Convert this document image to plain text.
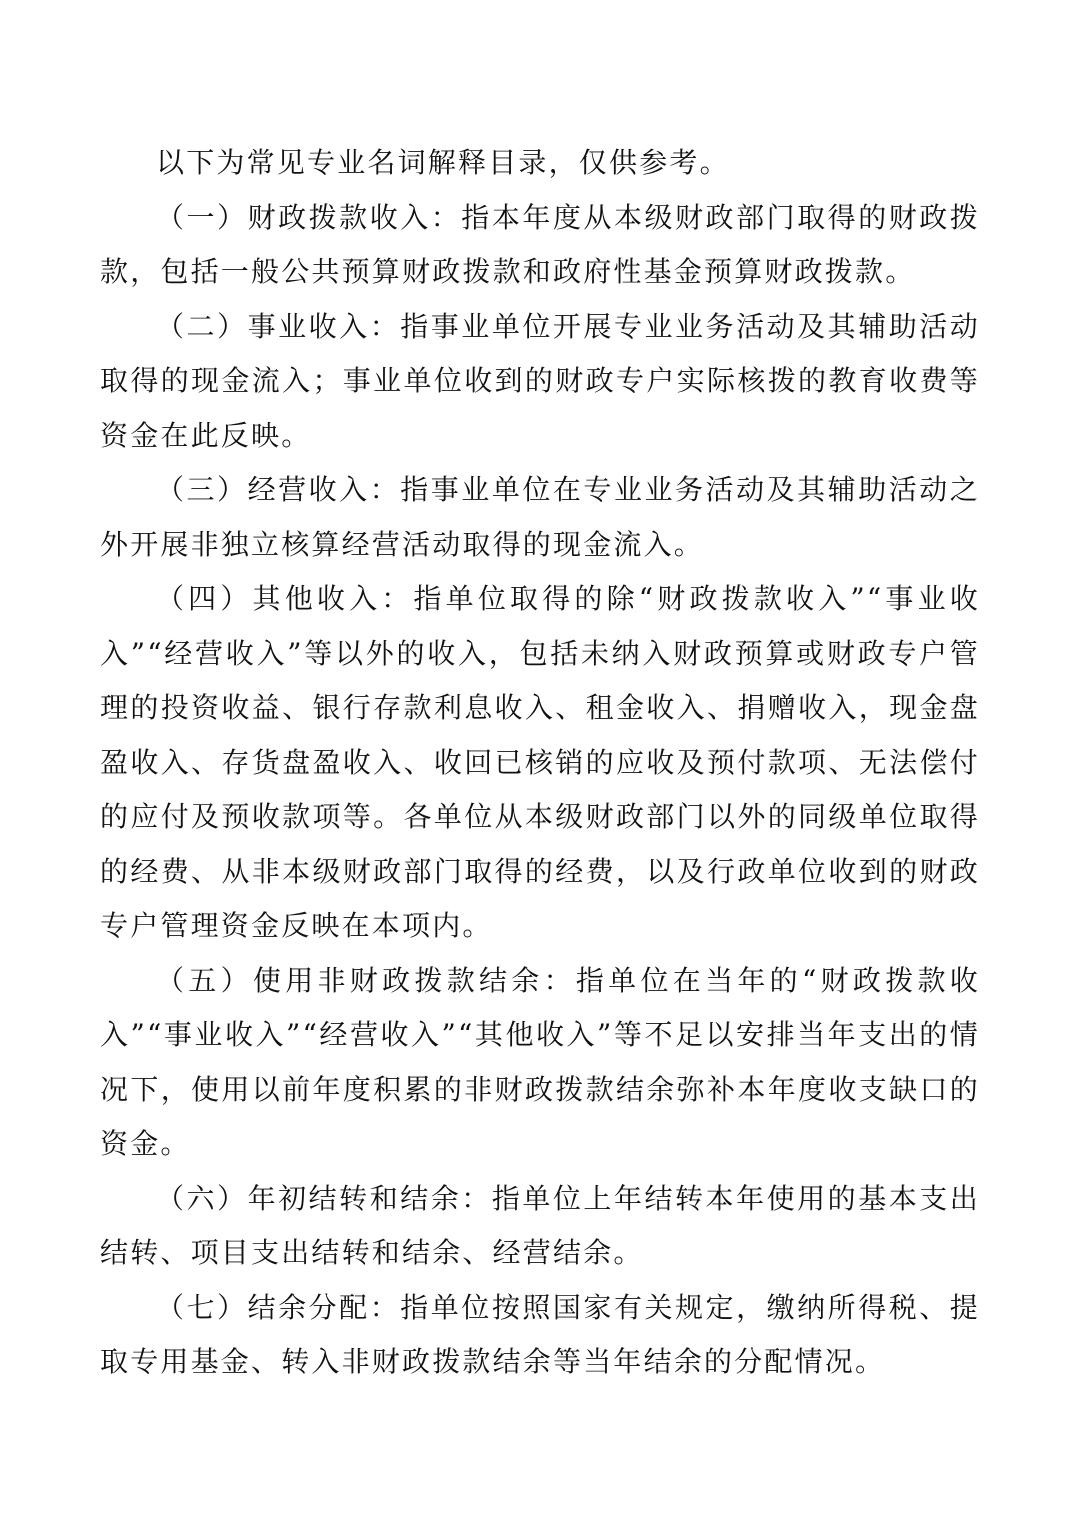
以下为常见专业名词解释目录，仅供参考。

（一）财政拨款收入：指本年度从本级财政部门取得的财政拨款，包括一般公共预算财政拨款和政府性基金预算财政拨款。

（二）事业收入：指事业单位开展专业业务活动及其辅助活动取得的现金流入；事业单位收到的财政专户实际核拨的教育收费等资金在此反映。

（三）经营收入：指事业单位在专业业务活动及其辅助活动之外开展非独立核算经营活动取得的现金流入。

（四）其他收入：指单位取得的除“财政拨款收入”“事业收入”“经营收入”等以外的收入，包括未纳入财政预算或财政专户管理的投资收益、银行存款利息收入、租金收入、捐赠收入，现金盘盈收入、存货盘盈收入、收回已核销的应收及预付款项、无法偿付的应付及预收款项等。各单位从本级财政部门以外的同级单位取得的经费、从非本级财政部门取得的经费，以及行政单位收到的财政专户管理资金反映在本项内。

（五）使用非财政拨款结余：指单位在当年的“财政拨款收入”“事业收入”“经营收入”“其他收入”等不足以安排当年支出的情况下，使用以前年度积累的非财政拨款结余弥补本年度收支缺口的资金。

（六）年初结转和结余：指单位上年结转本年使用的基本支出结转、项目支出结转和结余、经营结余。

（七）结余分配：指单位按照国家有关规定，缴纳所得税、提取专用基金、转入非财政拨款结余等当年结余的分配情况。
